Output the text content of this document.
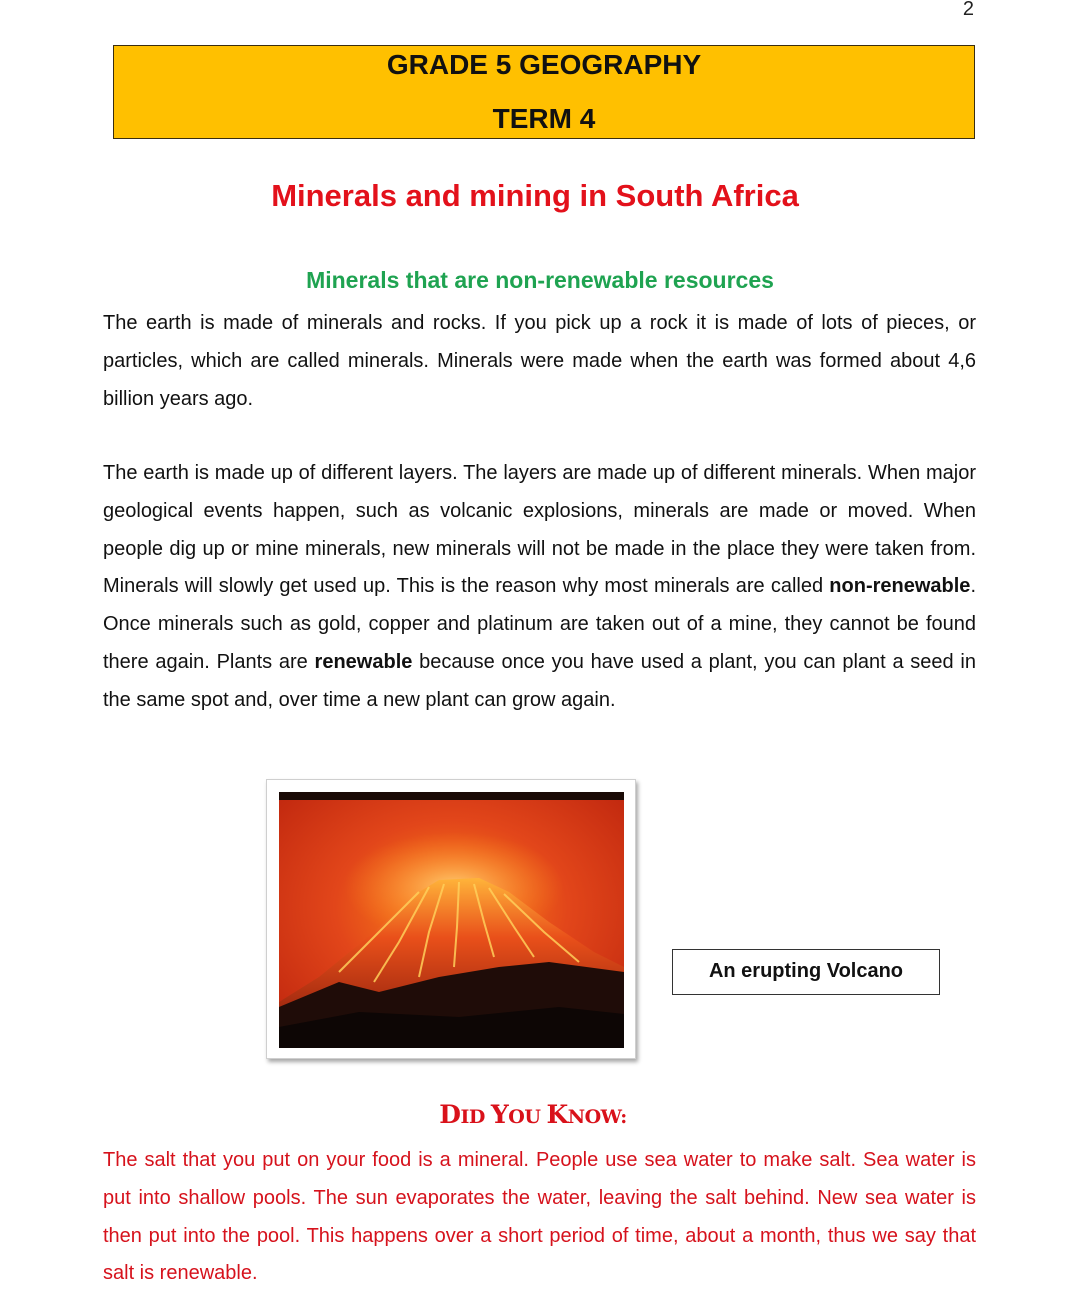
2
GRADE 5 GEOGRAPHY
TERM 4
Minerals and mining in South Africa
Minerals that are non-renewable resources
The earth is made of minerals and rocks. If you pick up a rock it is made of lots of pieces, or particles, which are called minerals. Minerals were made when the earth was formed about 4,6 billion years ago.
The earth is made up of different layers. The layers are made up of different minerals. When major geological events happen, such as volcanic explosions, minerals are made or moved. When people dig up or mine minerals, new minerals will not be made in the place they were taken from. Minerals will slowly get used up. This is the reason why most minerals are called non-renewable. Once minerals such as gold, copper and platinum are taken out of a mine, they cannot be found there again. Plants are renewable because once you have used a plant, you can plant a seed in the same spot and, over time a new plant can grow again.
An erupting Volcano
DID YOU KNOW:
The salt that you put on your food is a mineral. People use sea water to make salt. Sea water is put into shallow pools. The sun evaporates the water, leaving the salt behind. New sea water is then put into the pool. This happens over a short period of time, about a month, thus we say that salt is renewable.
